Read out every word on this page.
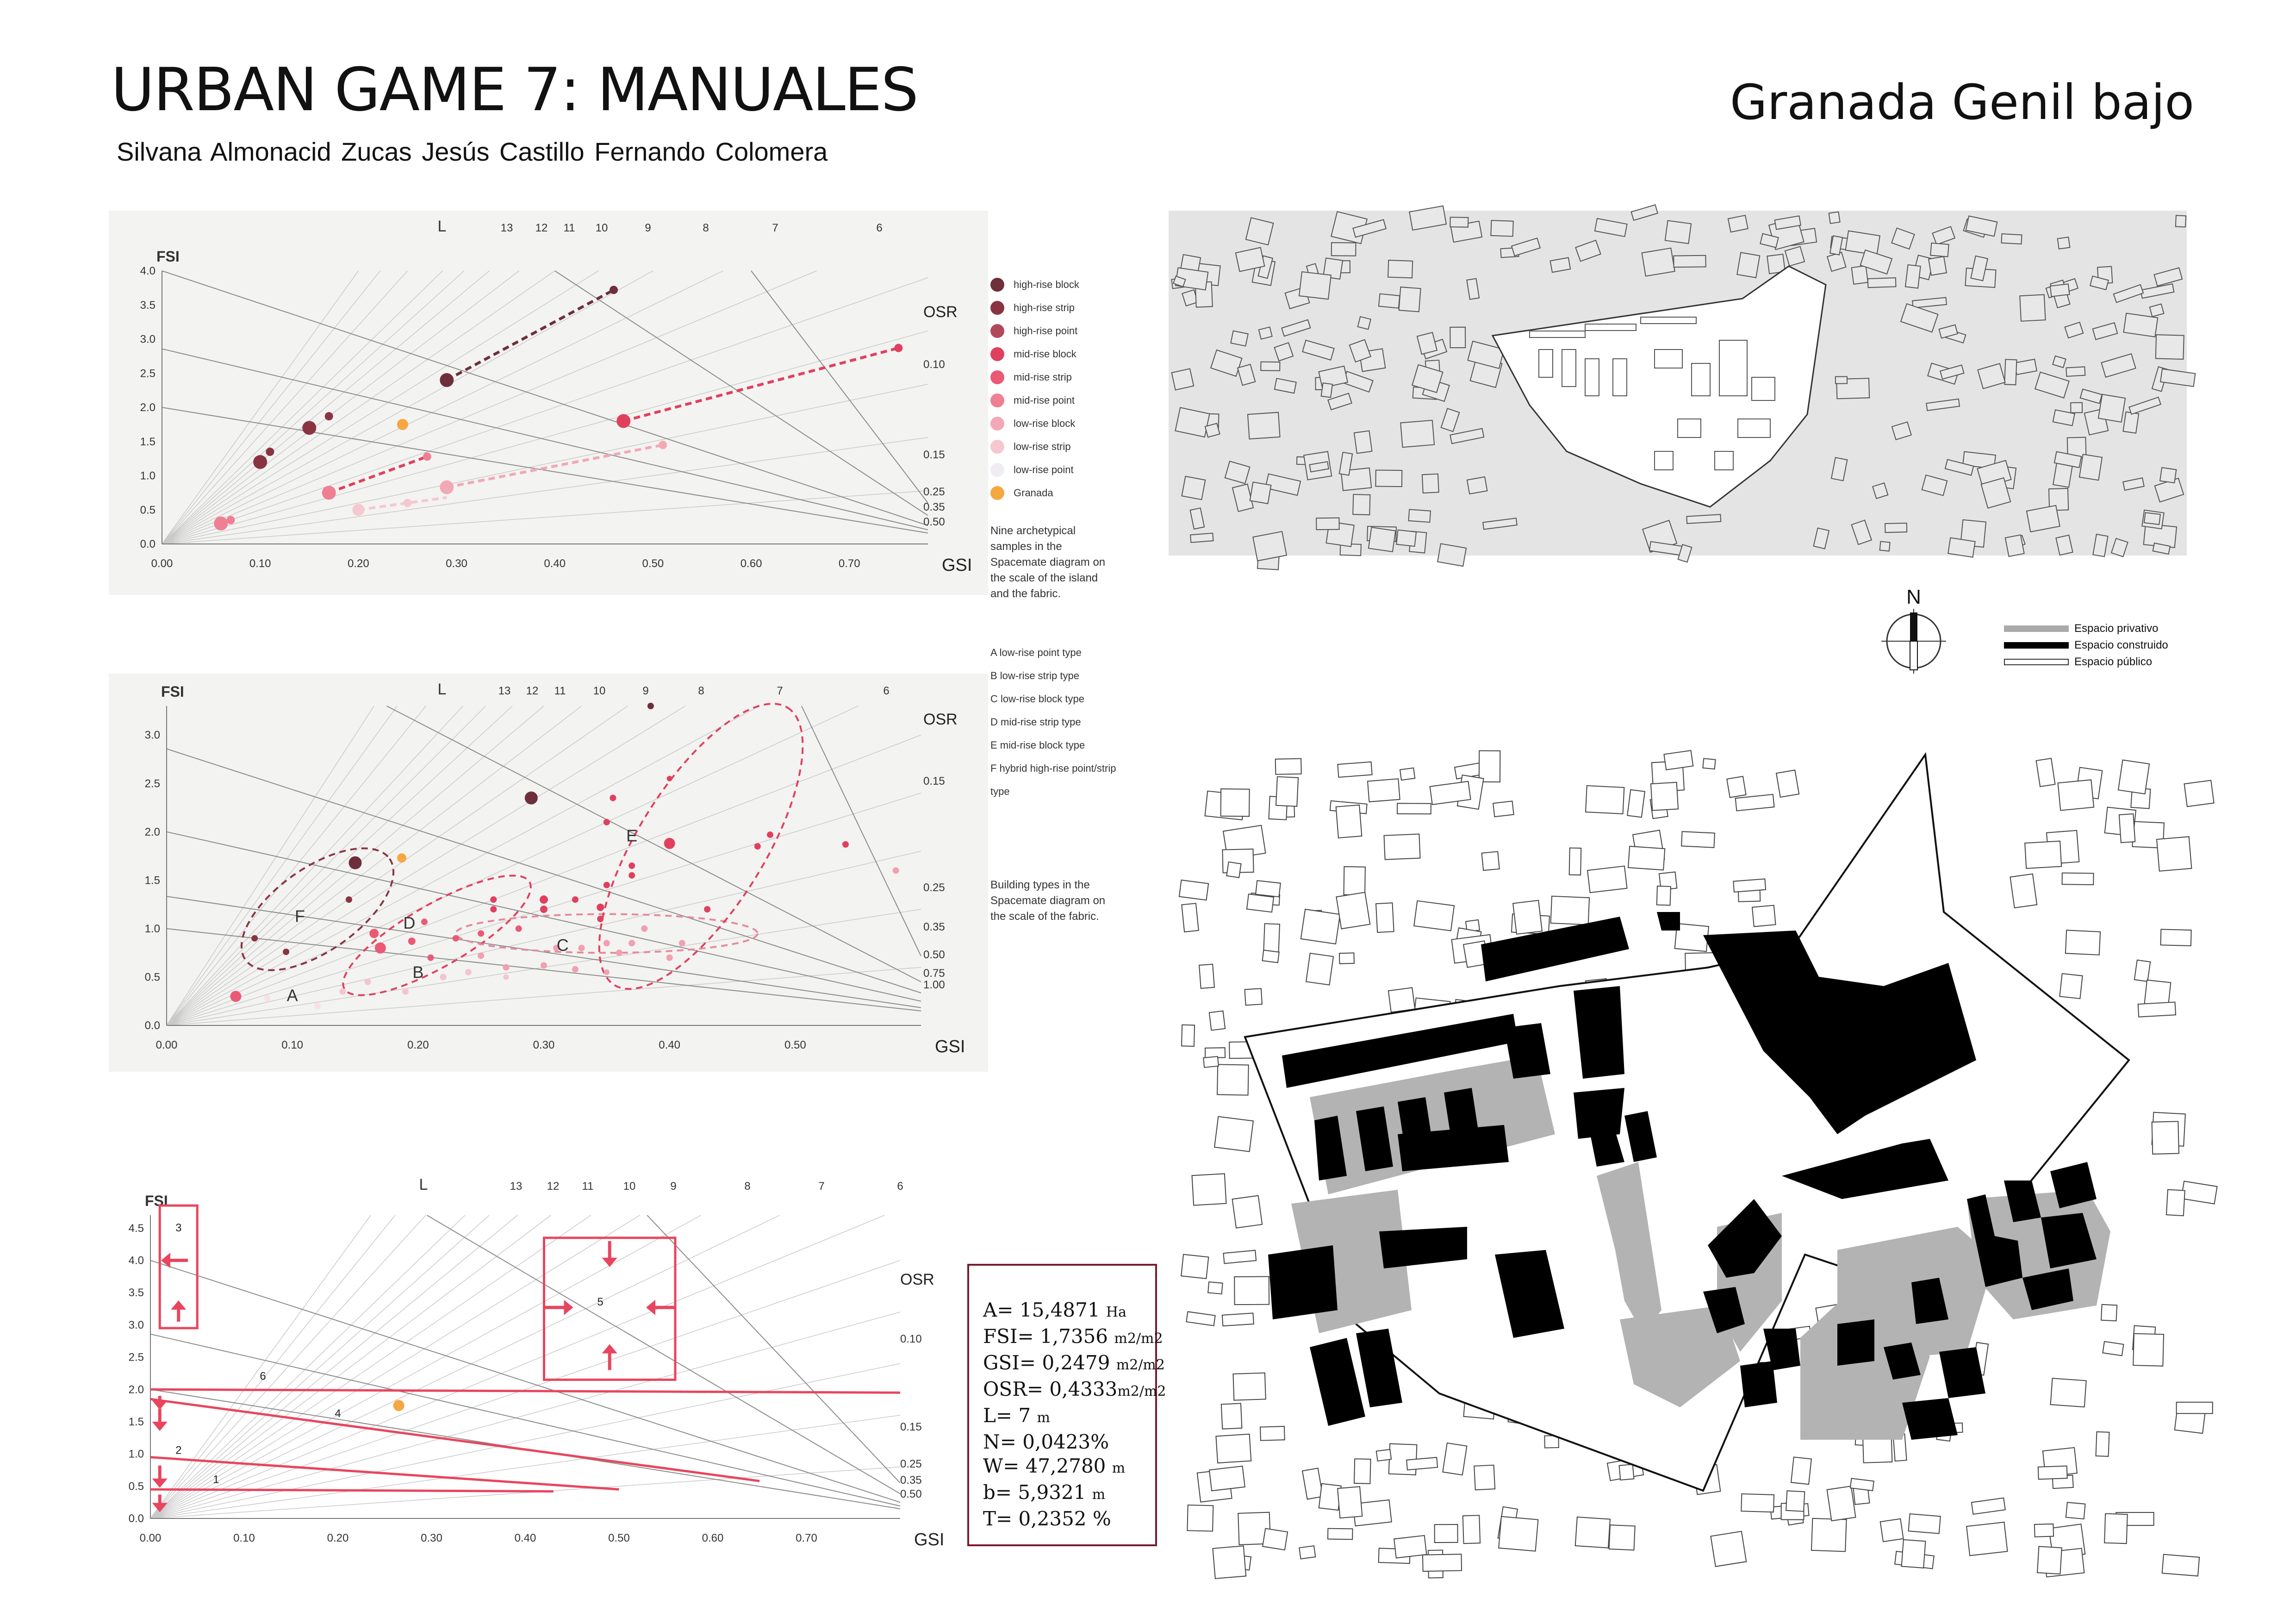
URBAN GAME 7: MANUALES
Silvana Almonacid Zucas Jesús Castillo Fernando Colomera
Granada Genil bajo
0.00	0.10	0.20	0.30	0.40	0.50	0.60	0.70
0.0
0.5
1.0
1.5
2.0
2.5
3.0
3.5
4.0
FSI
GSI
L	13 12 11 10	9	8	7	6
OSR
0.10
0.15
0.25
0.35
0.50
0.00	0.10	0.20	0.30	0.40	0.50
0.0
0.5
1.0
1.5
2.0
2.5
3.0
FSI
GSI
L	13 12 11 10	9	8	7	6
OSR
0.15
0.25
0.35
0.50
0.75
1.00
A
B
C
D
E
F
0.00	0.10	0.20	0.30	0.40	0.50	0.60	0.70
0.0
0.5
1.0
1.5
2.0
2.5
3.0
3.5
4.0
4.5
FSI
GSI
L	13 12 11	10	9	8	7	6
OSR
0.10
0.15
0.25
0.35
0.50
1
2
3
4
5
6
high-rise block
high-rise strip
high-rise point
mid-rise block
mid-rise strip
mid-rise point
low-rise block
low-rise strip
low-rise point
Granada
Nine archetypical samples in the Spacemate diagram on the scale of the island and the fabric.
A low-rise point type
B low-rise strip type
C low-rise block type
D mid-rise strip type
E mid-rise block type
F hybrid high-rise point/strip type
Building types in the Spacemate diagram on the scale of the fabric.
A= 15,4871 Ha
FSI= 1,7356 m2/m2
GSI= 0,2479 m2/m2
OSR= 0,4333m2/m2
L= 7 m
N= 0,0423%
W= 47,2780 m
b= 5,9321 m
T= 0,2352 %
N
Espacio privativo
Espacio construido
Espacio público
